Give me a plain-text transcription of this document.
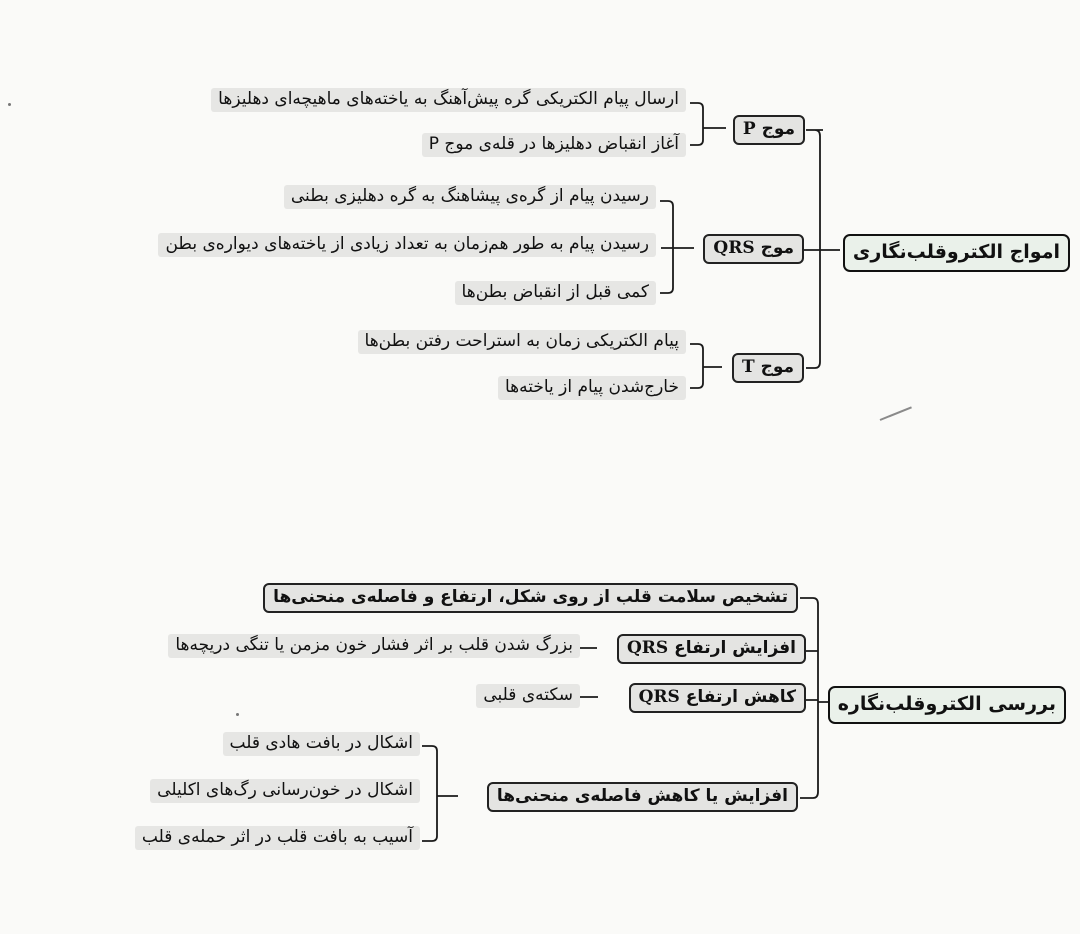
امواج الکتروقلب‌نگاری
موج P
موج QRS
موج T
ارسال پیام الکتریکی گره پیش‌آهنگ به یاخته‌های ماهیچه‌ای دهلیزها
آغاز انقباض دهلیزها در قله‌ی موج P
رسیدن پیام از گره‌ی پیشاهنگ به گره دهلیزی بطنی
رسیدن پیام به طور هم‌زمان به تعداد زیادی از یاخته‌های دیواره‌ی بطن
کمی قبل از انقباض بطن‌ها
پیام الکتریکی زمان به استراحت رفتن بطن‌ها
خارج‌شدن پیام از یاخته‌ها
بررسی الکتروقلب‌نگاره
تشخیص سلامت قلب از روی شکل، ارتفاع و فاصله‌ی منحنی‌ها
افزایش ارتفاع QRS
بزرگ شدن قلب بر اثر فشار خون مزمن یا تنگی دریچه‌ها
کاهش ارتفاع QRS
سکته‌ی قلبی
افزایش یا کاهش فاصله‌ی منحنی‌ها
اشکال در بافت هادی قلب
اشکال در خون‌رسانی رگ‌های اکلیلی
آسیب به بافت قلب در اثر حمله‌ی قلب
